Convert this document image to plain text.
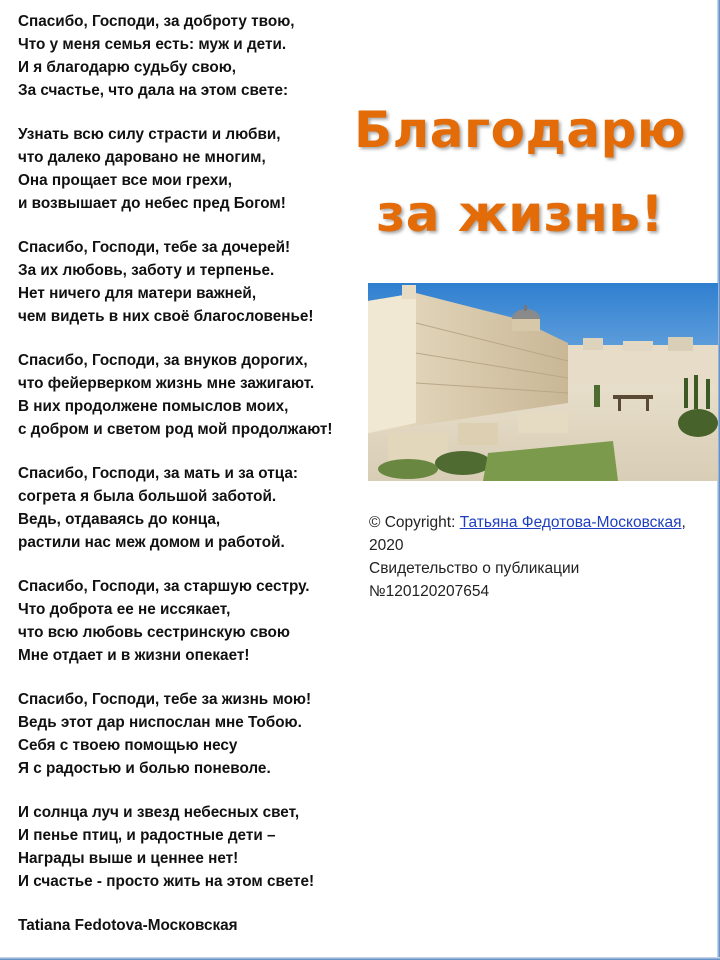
Спасибо, Господи, за доброту твою,
Что у меня семья есть: муж и дети.
И я благодарю судьбу свою,
За счастье, что дала на этом свете:
Узнать всю силу страсти и любви,
что далеко даровано не многим,
Она прощает все мои грехи,
и возвышает до небес пред Богом!
Спасибо, Господи, тебе за дочерей!
За их любовь, заботу и терпенье.
Нет ничего для матери важней,
чем видеть в них своё благословенье!
Спасибо, Господи, за внуков дорогих,
что фейерверком жизнь мне зажигают.
В них продолжене помыслов моих,
с добром и светом род мой продолжают!
Спасибо, Господи, за мать и за отца:
согрета я была большой заботой.
Ведь, отдаваясь до конца,
растили нас меж домом и работой.
Спасибо, Господи, за старшую сестру.
Что доброта ее не иссякает,
что всю любовь сестринскую свою
Мне отдает и в жизни опекает!
Спасибо, Господи, тебе за жизнь мою!
Ведь этот дар ниспослан мне Тобою.
Себя с твоею помощью несу
Я с радостью и болью поневоле.
И солнца луч и звезд небесных свет,
И пенье птиц, и радостные дети –
Награды выше и ценнее нет!
И счастье - просто жить на этом свете!
Tatiana Fedotova-Московская
Благодарю
за жизнь!
© Copyright: Татьяна Федотова-Московская, 2020
Свидетельство о публикации
№120120207654
